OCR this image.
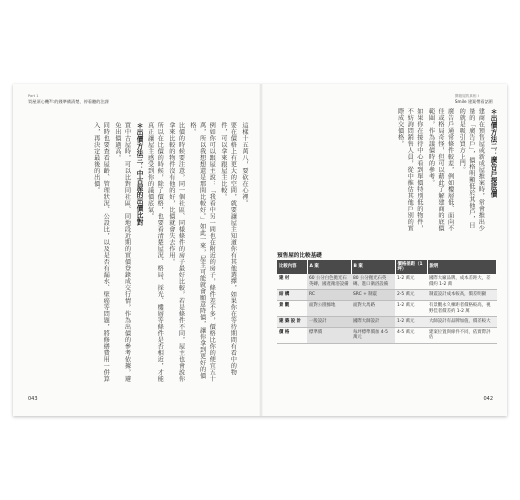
Part 1
買屋須心機?!:的錢準備清楚、停看聽的注課

這樣十五萬八，要砍在心裡。

要在價格上有更大的空間，就要讓屋主知道你有其他選擇，如果你在等待期間有看中的物件，可以拿來跟屋主比較。

例如你可以跟屋主說：「我看中另一間也在附近的房子，條件差不多，價格比你的便宜五十萬，所以我想想還是那間比較好。」如此一來，屋主可能就會願意降價，讓你拿到更好的價格。

比價的時候要注意，同一個社區、同樣條件的房子最好比較，若是條件不同，屋主也會說你拿來比較的物件沒有他的好，比價就會失去作用。

所以在比價的時候，除了價格，也要看清楚屋況、格局、採光、樓層等條件是否相近，才能真正讓屋主感受到你的議價底氣。

＊出價方法三：中古屋的出價比對

買中古屋時，可以比對同社區、同地段近期的實價登錄成交行情，作為出價的參考依據，避免出價過高。

同時也要查看屋齡、管理狀況、公設比，以及是否有漏水、壁癌等問題，將修繕費用一併算入，再決定最後的出價。

043
開箱屋的真相 I
Smile 建案帶看話術

＊出價方法二：廣告戶探底價

建商在預售屋或新成屋推案時，常會推出少量的「廣告戶」，價格明顯低於其他戶，目的就是吸引買方上門。

廣告戶通常條件較差，例如樓層低、面向不佳或格局奇怪，但可以藉此了解建商的底價範圍，作為議價時的參考。

如果你在接待中心看到單價特別低的物件，不妨詢問銷售人員，從中推估其他戶別的實際成交價格。

預售屋的比較基礎
比較內容	A 案	B 案	價格差距（1 坪）	說明
建材	60 公分白色拋光石英磚、國產衛浴設備	80 公分拋光石英磚、進口衛浴設備	1-2 萬元	國際大廠品牌，成本差距大，差價約 1-2 萬
結構	RC	SRC + 制震	2-5 萬元	制震設計成本較高，價差明顯
景觀	面對公園綠地	面對大馬路	1-2 萬元	有景觀永久棟距者價格較高，視野佳者價差約 1-2 萬
建築設計	一般設計	國際大師設計	1-2 萬元	大師設計有品牌加值，價差較大
價格	標準價	每坪標準價加 4-5 萬元	4-5 萬元	建案位置與條件不同，依實際評估
042
